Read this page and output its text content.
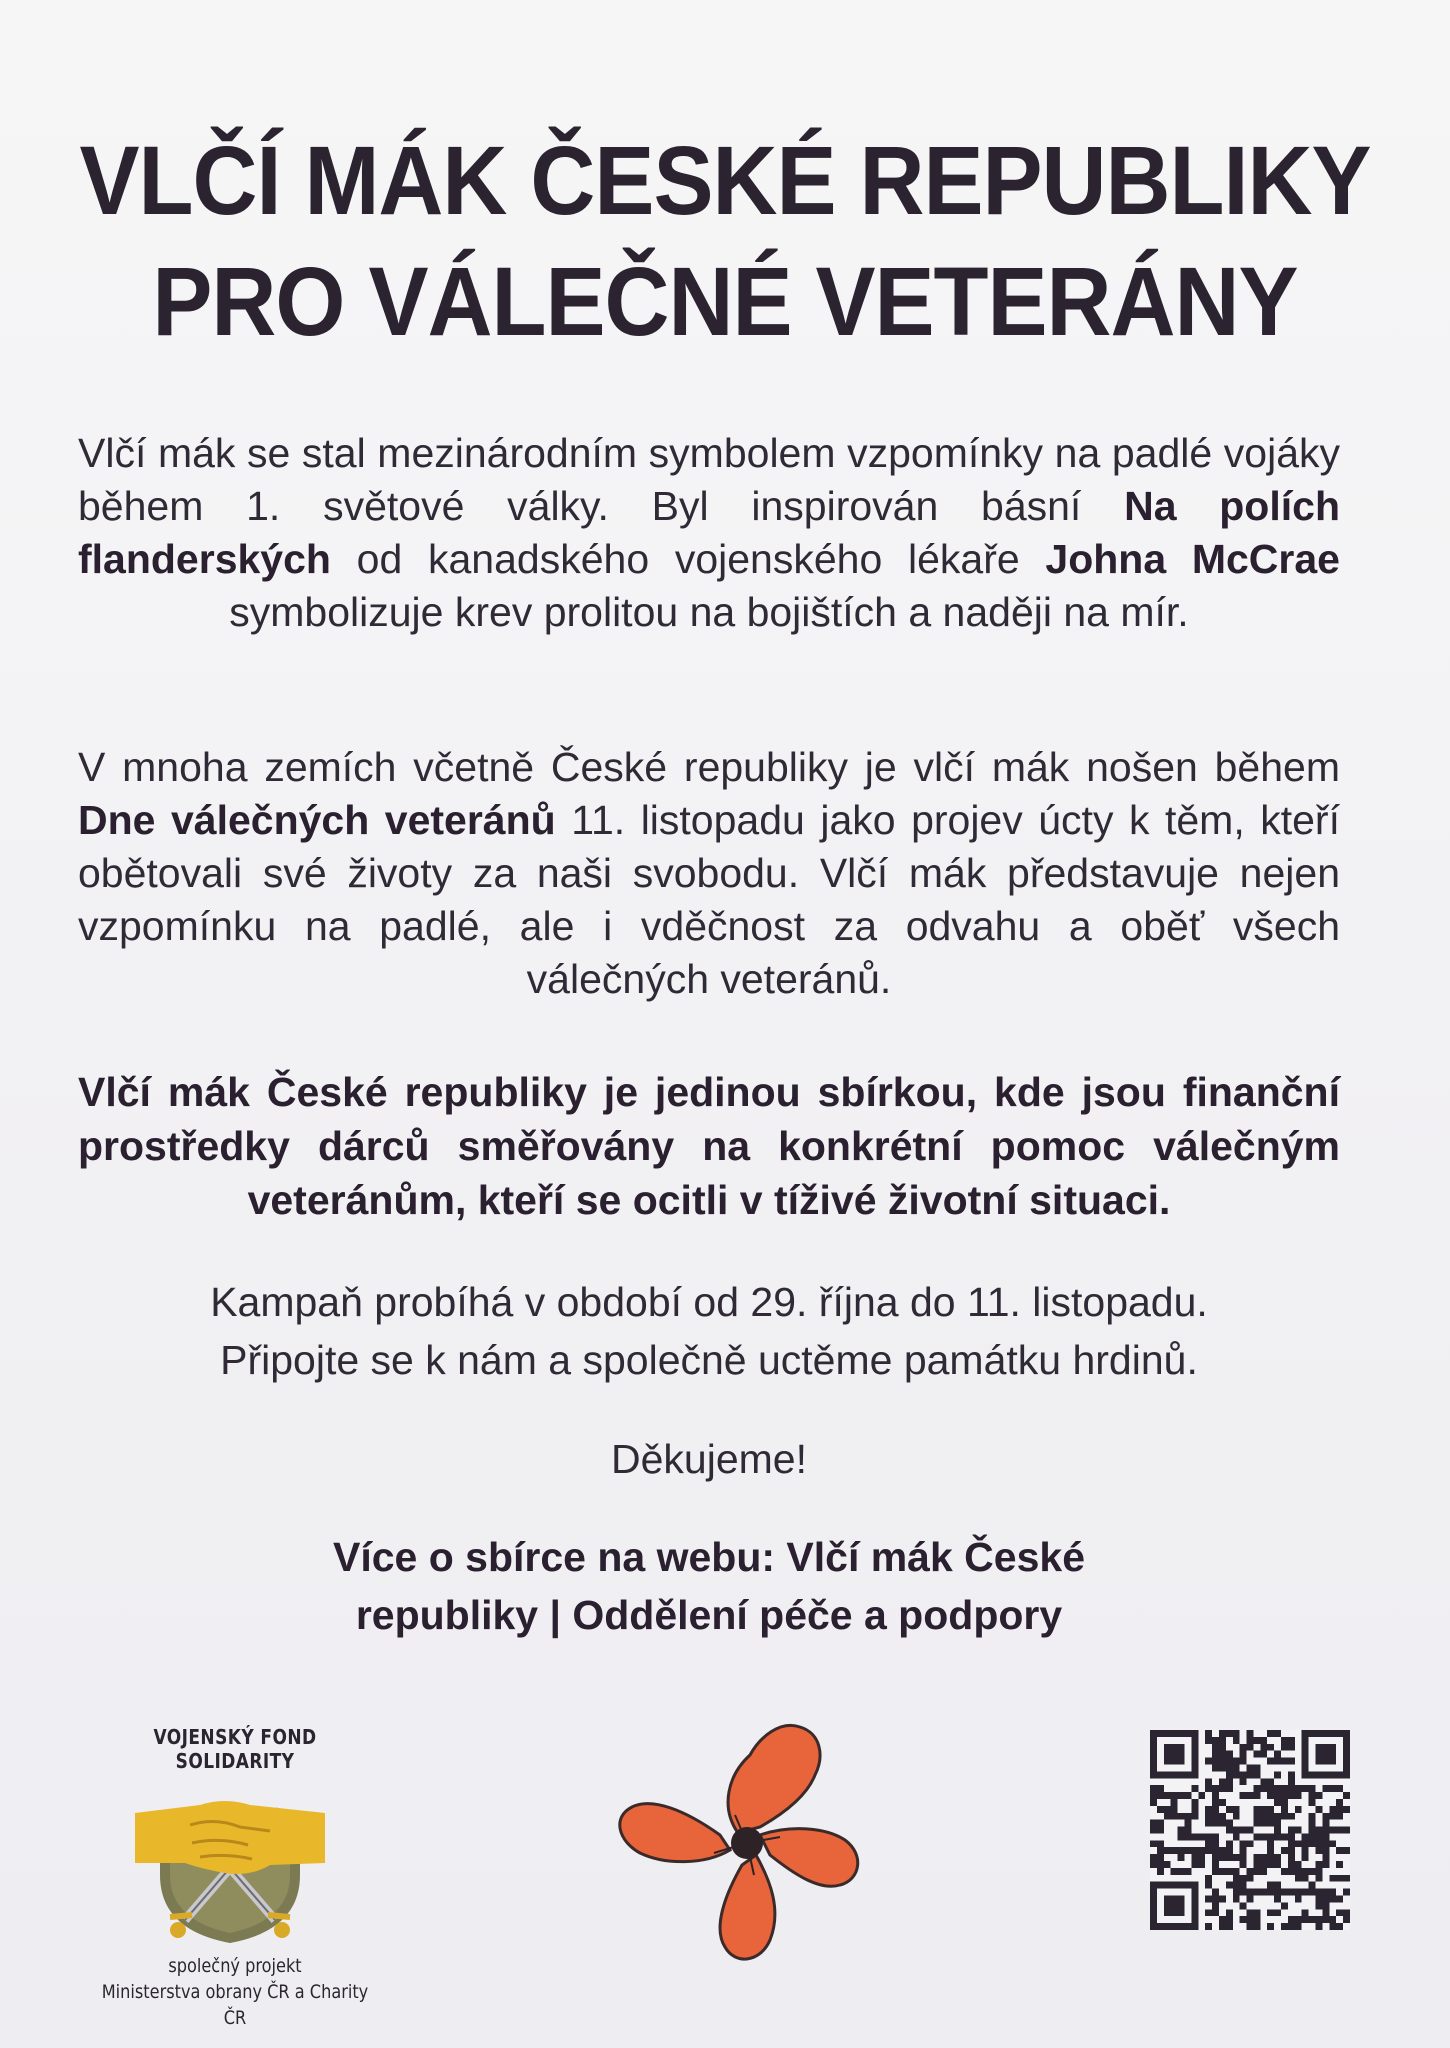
VLČÍ MÁK ČESKÉ REPUBLIKY
PRO VÁLEČNÉ VETERÁNY

Vlčí mák se stal mezinárodním symbolem vzpomínky na padlé vojáky během 1. světové války. Byl inspirován básní Na polích flanderských od kanadského vojenského lékaře Johna McCrae symbolizuje krev prolitou na bojištích a naději na mír.

V mnoha zemích včetně České republiky je vlčí mák nošen během Dne válečných veteránů 11. listopadu jako projev úcty k těm, kteří obětovali své životy za naši svobodu. Vlčí mák představuje nejen vzpomínku na padlé, ale i vděčnost za odvahu a oběť všech válečných veteránů.

Vlčí mák České republiky je jedinou sbírkou, kde jsou finanční prostředky dárců směřovány na konkrétní pomoc válečným veteránům, kteří se ocitli v tíživé životní situaci.

Kampaň probíhá v období od 29. října do 11. listopadu.
Připojte se k nám a společně uctěme památku hrdinů.

Děkujeme!

Více o sbírce na webu: Vlčí mák České
republiky | Oddělení péče a podpory

VOJENSKÝ FOND
SOLIDARITY
společný projekt
Ministerstva obrany ČR a Charity ČR
